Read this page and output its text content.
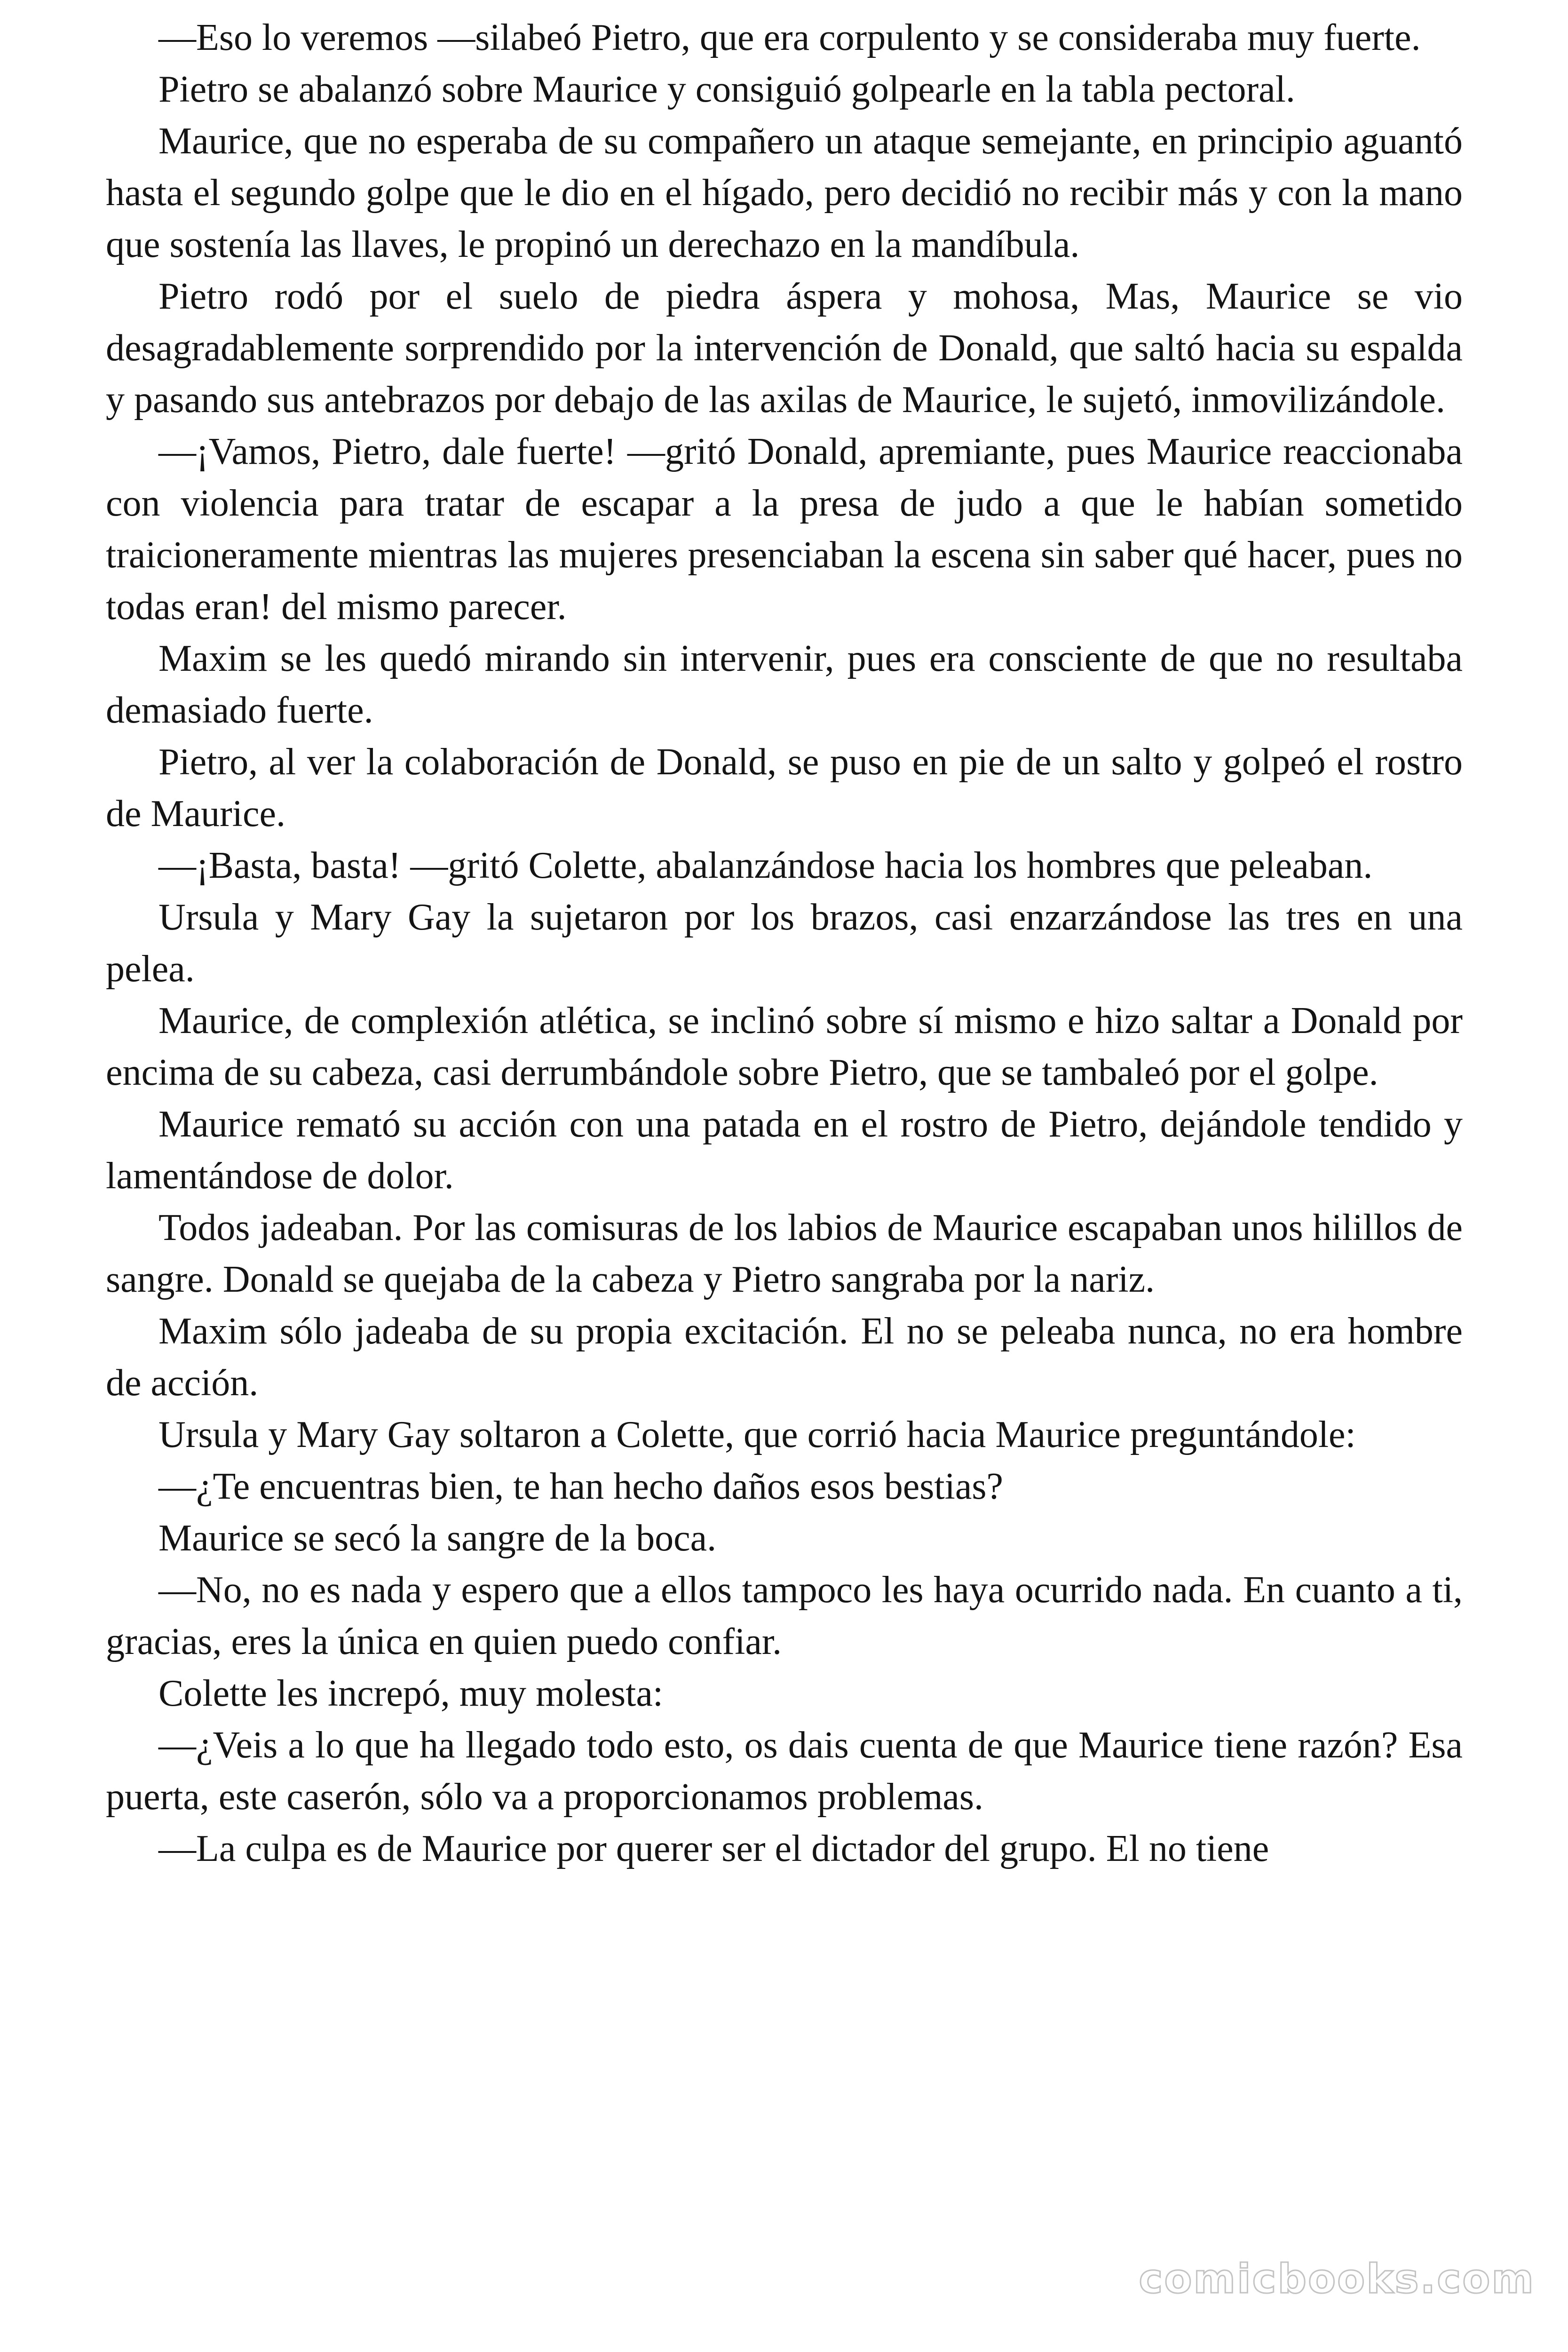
—Eso lo veremos —silabeó Pietro, que era corpulento y se consideraba muy fuerte.

Pietro se abalanzó sobre Maurice y consiguió golpearle en la tabla pectoral.

Maurice, que no esperaba de su compañero un ataque semejante, en principio aguantó hasta el segundo golpe que le dio en el hígado, pero decidió no recibir más y con la mano que sostenía las llaves, le propinó un derechazo en la mandíbula.

Pietro rodó por el suelo de piedra áspera y mohosa, Mas, Maurice se vio desagradablemente sorprendido por la intervención de Donald, que saltó hacia su espalda y pasando sus antebrazos por debajo de las axilas de Maurice, le sujetó, inmovilizándole.

—¡Vamos, Pietro, dale fuerte! —gritó Donald, apremiante, pues Maurice reaccionaba con violencia para tratar de escapar a la presa de judo a que le habían sometido traicioneramente mientras las mujeres presenciaban la escena sin saber qué hacer, pues no todas eran! del mismo parecer.

Maxim se les quedó mirando sin intervenir, pues era consciente de que no resultaba demasiado fuerte.

Pietro, al ver la colaboración de Donald, se puso en pie de un salto y golpeó el rostro de Maurice.

—¡Basta, basta! —gritó Colette, abalanzándose hacia los hombres que peleaban.

Ursula y Mary Gay la sujetaron por los brazos, casi enzarzándose las tres en una pelea.

Maurice, de complexión atlética, se inclinó sobre sí mismo e hizo saltar a Donald por encima de su cabeza, casi derrumbándole sobre Pietro, que se tambaleó por el golpe.

Maurice remató su acción con una patada en el rostro de Pietro, dejándole tendido y lamentándose de dolor.

Todos jadeaban. Por las comisuras de los labios de Maurice escapaban unos hilillos de sangre. Donald se quejaba de la cabeza y Pietro sangraba por la nariz.

Maxim sólo jadeaba de su propia excitación. El no se peleaba nunca, no era hombre de acción.

Ursula y Mary Gay soltaron a Colette, que corrió hacia Maurice preguntándole:

—¿Te encuentras bien, te han hecho daños esos bestias?

Maurice se secó la sangre de la boca.

—No, no es nada y espero que a ellos tampoco les haya ocurrido nada. En cuanto a ti, gracias, eres la única en quien puedo confiar.

Colette les increpó, muy molesta:

—¿Veis a lo que ha llegado todo esto, os dais cuenta de que Maurice tiene razón? Esa puerta, este caserón, sólo va a proporcionamos problemas.

—La culpa es de Maurice por querer ser el dictador del grupo. El no tiene

comicbooks.com
